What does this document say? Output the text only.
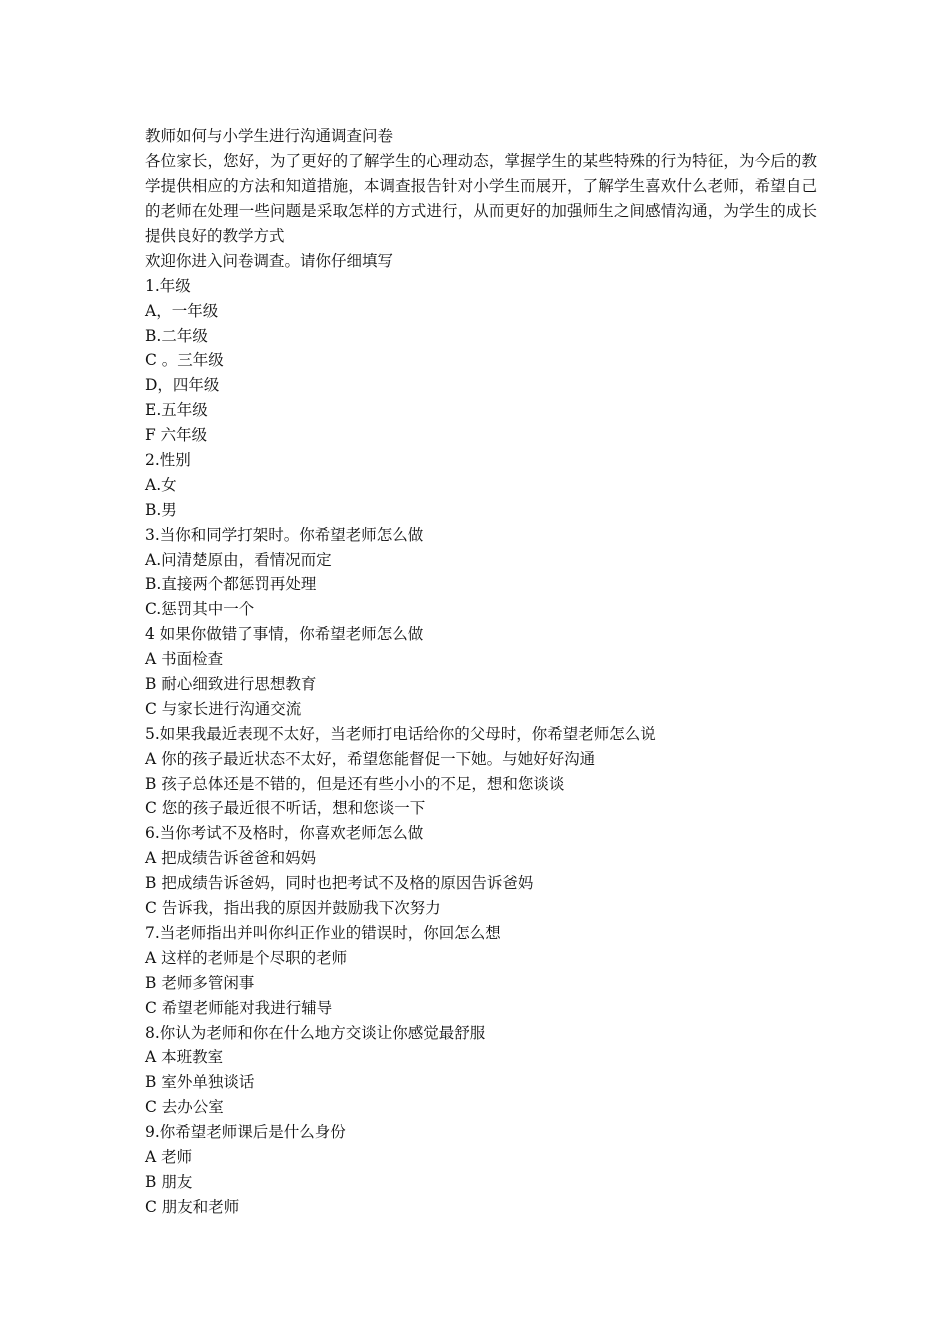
教师如何与小学生进行沟通调查问卷

各位家长，您好，为了更好的了解学生的心理动态，掌握学生的某些特殊的行为特征，为今后的教学提供相应的方法和知道措施，本调查报告针对小学生而展开，了解学生喜欢什么老师，希望自己的老师在处理一些问题是采取怎样的方式进行，从而更好的加强师生之间感情沟通，为学生的成长提供良好的教学方式

欢迎你进入问卷调查。请你仔细填写

1.年级

A，一年级

B.二年级

C 。三年级

D，四年级

E.五年级

F 六年级

2.性别

A.女

B.男

3.当你和同学打架时。你希望老师怎么做

A.问清楚原由，看情况而定

B.直接两个都惩罚再处理

C.惩罚其中一个

4 如果你做错了事情，你希望老师怎么做

A 书面检查

B 耐心细致进行思想教育

C 与家长进行沟通交流

5.如果我最近表现不太好，当老师打电话给你的父母时，你希望老师怎么说

A 你的孩子最近状态不太好，希望您能督促一下她。与她好好沟通

B 孩子总体还是不错的，但是还有些小小的不足，想和您谈谈

C 您的孩子最近很不听话，想和您谈一下

6.当你考试不及格时，你喜欢老师怎么做

A 把成绩告诉爸爸和妈妈

B 把成绩告诉爸妈，同时也把考试不及格的原因告诉爸妈

C 告诉我，指出我的原因并鼓励我下次努力

7.当老师指出并叫你纠正作业的错误时，你回怎么想

A 这样的老师是个尽职的老师

B 老师多管闲事

C 希望老师能对我进行辅导

8.你认为老师和你在什么地方交谈让你感觉最舒服

A 本班教室

B 室外单独谈话

C 去办公室

9.你希望老师课后是什么身份

A 老师

B 朋友

C 朋友和老师
